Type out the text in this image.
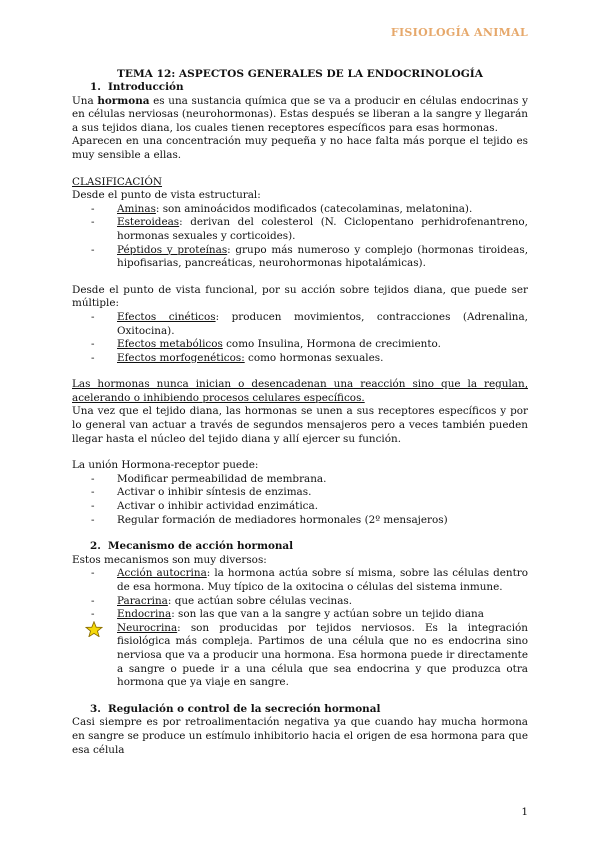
FISIOLOGÍA ANIMAL

TEMA 12: ASPECTOS GENERALES DE LA ENDOCRINOLOGÍA

1. Introducción

Una hormona es una sustancia química que se va a producir en células endocrinas y en células nerviosas (neurohormonas). Estas después se liberan a la sangre y llegarán a sus tejidos diana, los cuales tienen receptores específicos para esas hormonas.

Aparecen en una concentración muy pequeña y no hace falta más porque el tejido es muy sensible a ellas.

CLASIFICACIÓN

Desde el punto de vista estructural:

- Aminas: son aminoácidos modificados (catecolaminas, melatonina).
- Esteroideas: derivan del colesterol (N. Ciclopentano perhidrofenantreno, hormonas sexuales y corticoides).
- Péptidos y proteínas: grupo más numeroso y complejo (hormonas tiroideas, hipofisarias, pancreáticas, neurohormonas hipotalámicas).

Desde el punto de vista funcional, por su acción sobre tejidos diana, que puede ser múltiple:

- Efectos cinéticos: producen movimientos, contracciones (Adrenalina, Oxitocina).
- Efectos metabólicos como Insulina, Hormona de crecimiento.
- Efectos morfogenéticos: como hormonas sexuales.

Las hormonas nunca inician o desencadenan una reacción sino que la regulan, acelerando o inhibiendo procesos celulares específicos.

Una vez que el tejido diana, las hormonas se unen a sus receptores específicos y por lo general van actuar a través de segundos mensajeros pero a veces también pueden llegar hasta el núcleo del tejido diana y allí ejercer su función.

La unión Hormona-receptor puede:

- Modificar permeabilidad de membrana.
- Activar o inhibir síntesis de enzimas.
- Activar o inhibir actividad enzimática.
- Regular formación de mediadores hormonales (2º mensajeros)

2. Mecanismo de acción hormonal

Estos mecanismos son muy diversos:

- Acción autocrina: la hormona actúa sobre sí misma, sobre las células dentro de esa hormona. Muy típico de la oxitocina o células del sistema inmune.
- Paracrina: que actúan sobre células vecinas.
- Endocrina: son las que van a la sangre y actúan sobre un tejido diana
Neurocrina: son producidas por tejidos nerviosos. Es la integración fisiológica más compleja. Partimos de una célula que no es endocrina sino nerviosa que va a producir una hormona. Esa hormona puede ir directamente a sangre o puede ir a una célula que sea endocrina y que produzca otra hormona que ya viaje en sangre.

3. Regulación o control de la secreción hormonal

Casi siempre es por retroalimentación negativa ya que cuando hay mucha hormona en sangre se produce un estímulo inhibitorio hacia el origen de esa hormona para que esa célula

1
